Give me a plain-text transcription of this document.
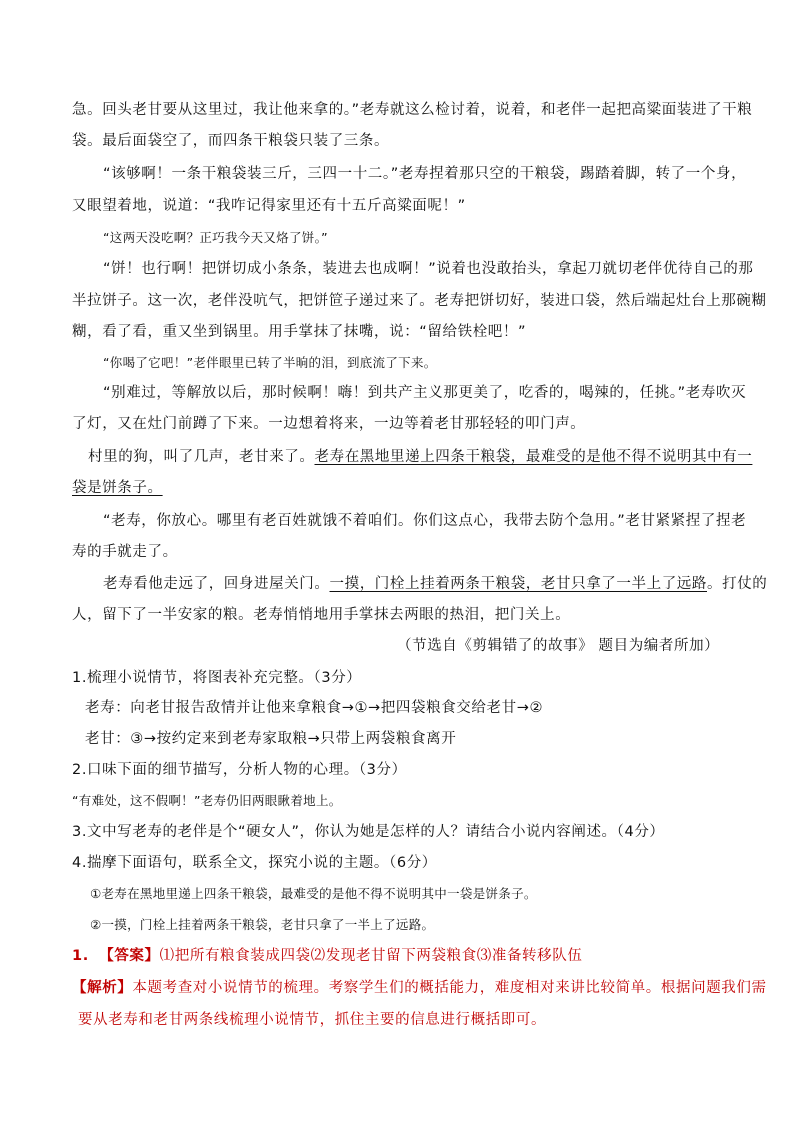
急。回头老甘要从这里过，我让他来拿的。”老寿就这么检讨着，说着，和老伴一起把高粱面装进了干粮
袋。最后面袋空了，而四条干粮袋只装了三条。
“该够啊！一条干粮袋装三斤，三四一十二。”老寿捏着那只空的干粮袋，踢踏着脚，转了一个身，
又眼望着地，说道：“我咋记得家里还有十五斤高粱面呢！”
“这两天没吃啊？正巧我今天又烙了饼。”
“饼！也行啊！把饼切成小条条，装进去也成啊！”说着也没敢抬头，拿起刀就切老伴优待自己的那
半拉饼子。这一次，老伴没吭气，把饼笸子递过来了。老寿把饼切好，装进口袋，然后端起灶台上那碗糊
糊，看了看，重又坐到锅里。用手掌抹了抹嘴，说：“留给铁栓吧！”
“你喝了它吧！”老伴眼里已转了半晌的泪，到底流了下来。
“别难过，等解放以后，那时候啊！嗨！到共产主义那更美了，吃香的，喝辣的，任挑。”老寿吹灭
了灯，又在灶门前蹲了下来。一边想着将来，一边等着老甘那轻轻的叩门声。
村里的狗，叫了几声，老甘来了。老寿在黑地里递上四条干粮袋，最难受的是他不得不说明其中有一
袋是饼条子。
“老寿，你放心。哪里有老百姓就饿不着咱们。你们这点心，我带去防个急用。”老甘紧紧捏了捏老
寿的手就走了。
老寿看他走远了，回身进屋关门。一摸，门栓上挂着两条干粮袋，老甘只拿了一半上了远路。打仗的
人，留下了一半安家的粮。老寿悄悄地用手掌抹去两眼的热泪，把门关上。
（节选自《剪辑错了的故事》 题目为编者所加）
1.梳理小说情节，将图表补充完整。（3分）
老寿：向老甘报告敌情并让他来拿粮食→①→把四袋粮食交给老甘→②
老甘：③→按约定来到老寿家取粮→只带上两袋粮食离开
2.口味下面的细节描写，分析人物的心理。（3分）
“有难处，这不假啊！”老寿仍旧两眼瞅着地上。
3.文中写老寿的老伴是个“硬女人”，你认为她是怎样的人？请结合小说内容阐述。（4分）
4.揣摩下面语句，联系全文，探究小说的主题。（6分）
①老寿在黑地里递上四条干粮袋，最难受的是他不得不说明其中一袋是饼条子。
②一摸，门栓上挂着两条干粮袋，老甘只拿了一半上了远路。
1. 【答案】⑴把所有粮食装成四袋⑵发现老甘留下两袋粮食⑶准备转移队伍
【解析】本题考查对小说情节的梳理。考察学生们的概括能力，难度相对来讲比较简单。根据问题我们需
要从老寿和老甘两条线梳理小说情节，抓住主要的信息进行概括即可。
